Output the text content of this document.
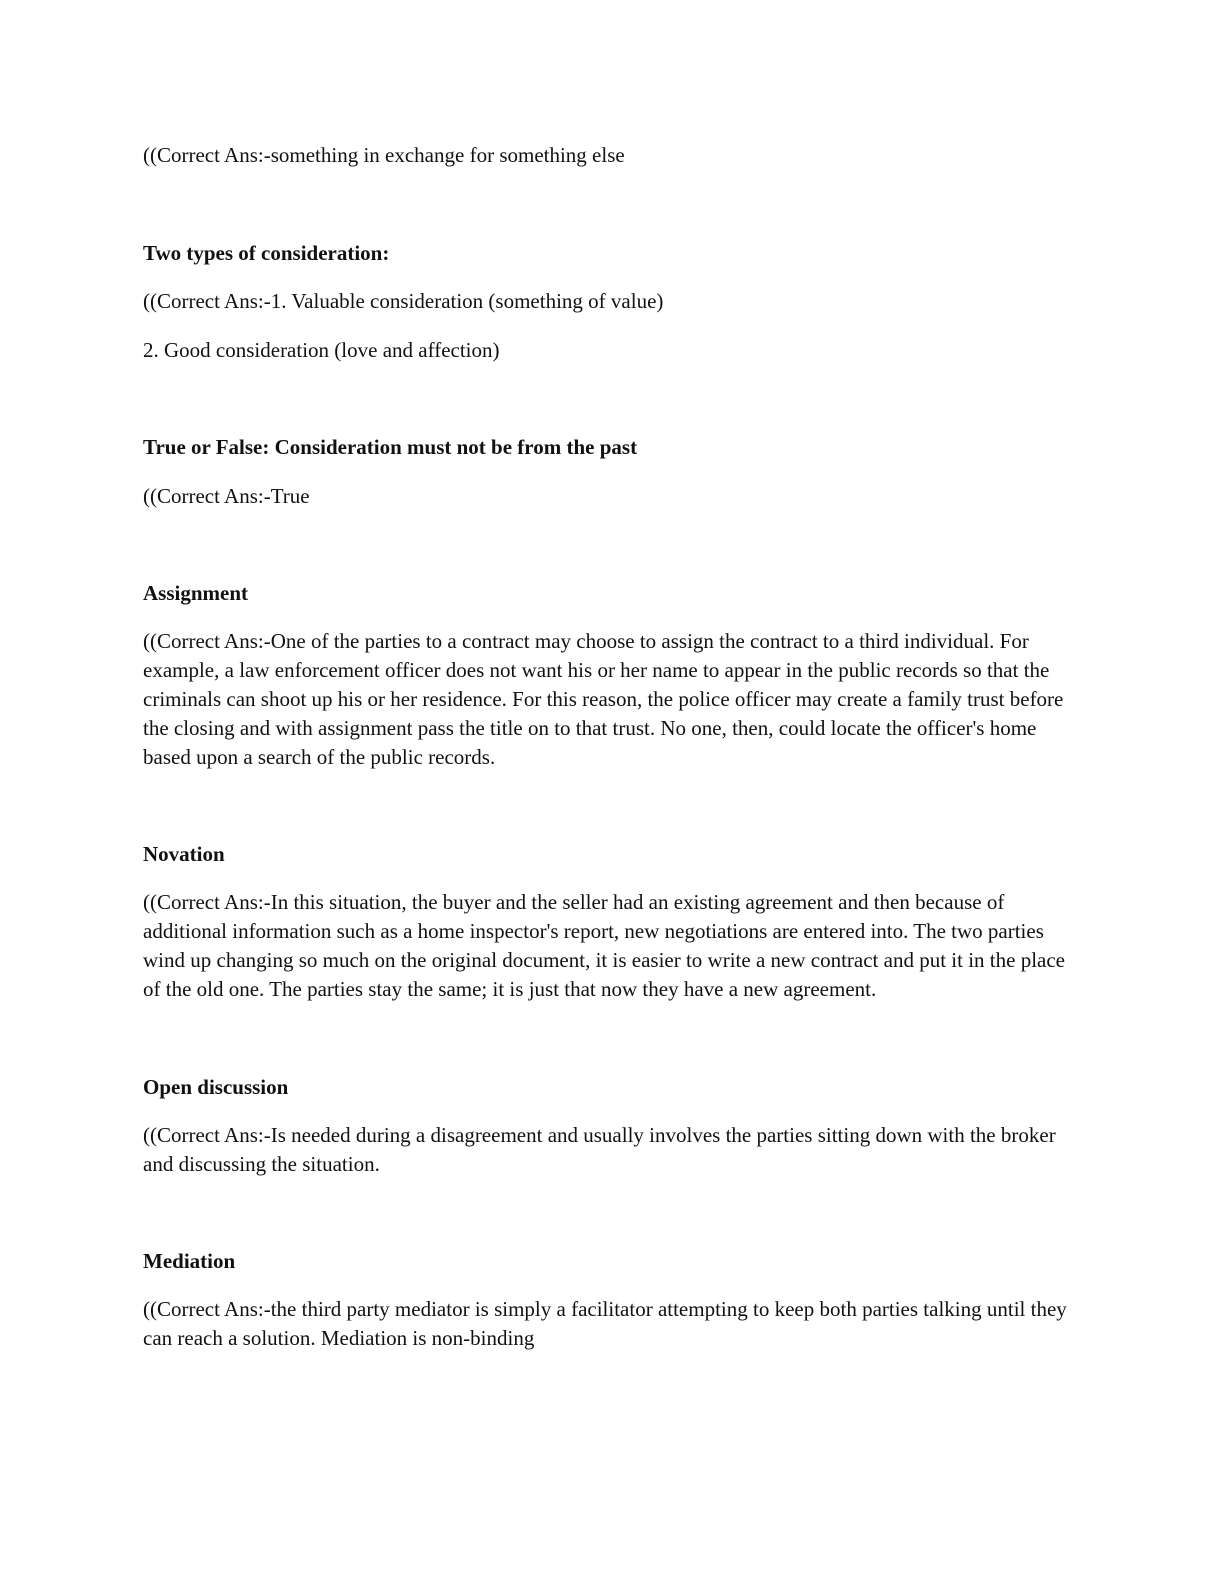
((Correct Ans:-something in exchange for something else

Two types of consideration:

((Correct Ans:-1. Valuable consideration (something of value)

2. Good consideration (love and affection)

True or False: Consideration must not be from the past

((Correct Ans:-True

Assignment

((Correct Ans:-One of the parties to a contract may choose to assign the contract to a third individual. For example, a law enforcement officer does not want his or her name to appear in the public records so that the criminals can shoot up his or her residence. For this reason, the police officer may create a family trust before the closing and with assignment pass the title on to that trust. No one, then, could locate the officer's home based upon a search of the public records.

Novation

((Correct Ans:-In this situation, the buyer and the seller had an existing agreement and then because of additional information such as a home inspector's report, new negotiations are entered into. The two parties wind up changing so much on the original document, it is easier to write a new contract and put it in the place of the old one. The parties stay the same; it is just that now they have a new agreement.

Open discussion

((Correct Ans:-Is needed during a disagreement and usually involves the parties sitting down with the broker and discussing the situation.

Mediation

((Correct Ans:-the third party mediator is simply a facilitator attempting to keep both parties talking until they can reach a solution. Mediation is non-binding
